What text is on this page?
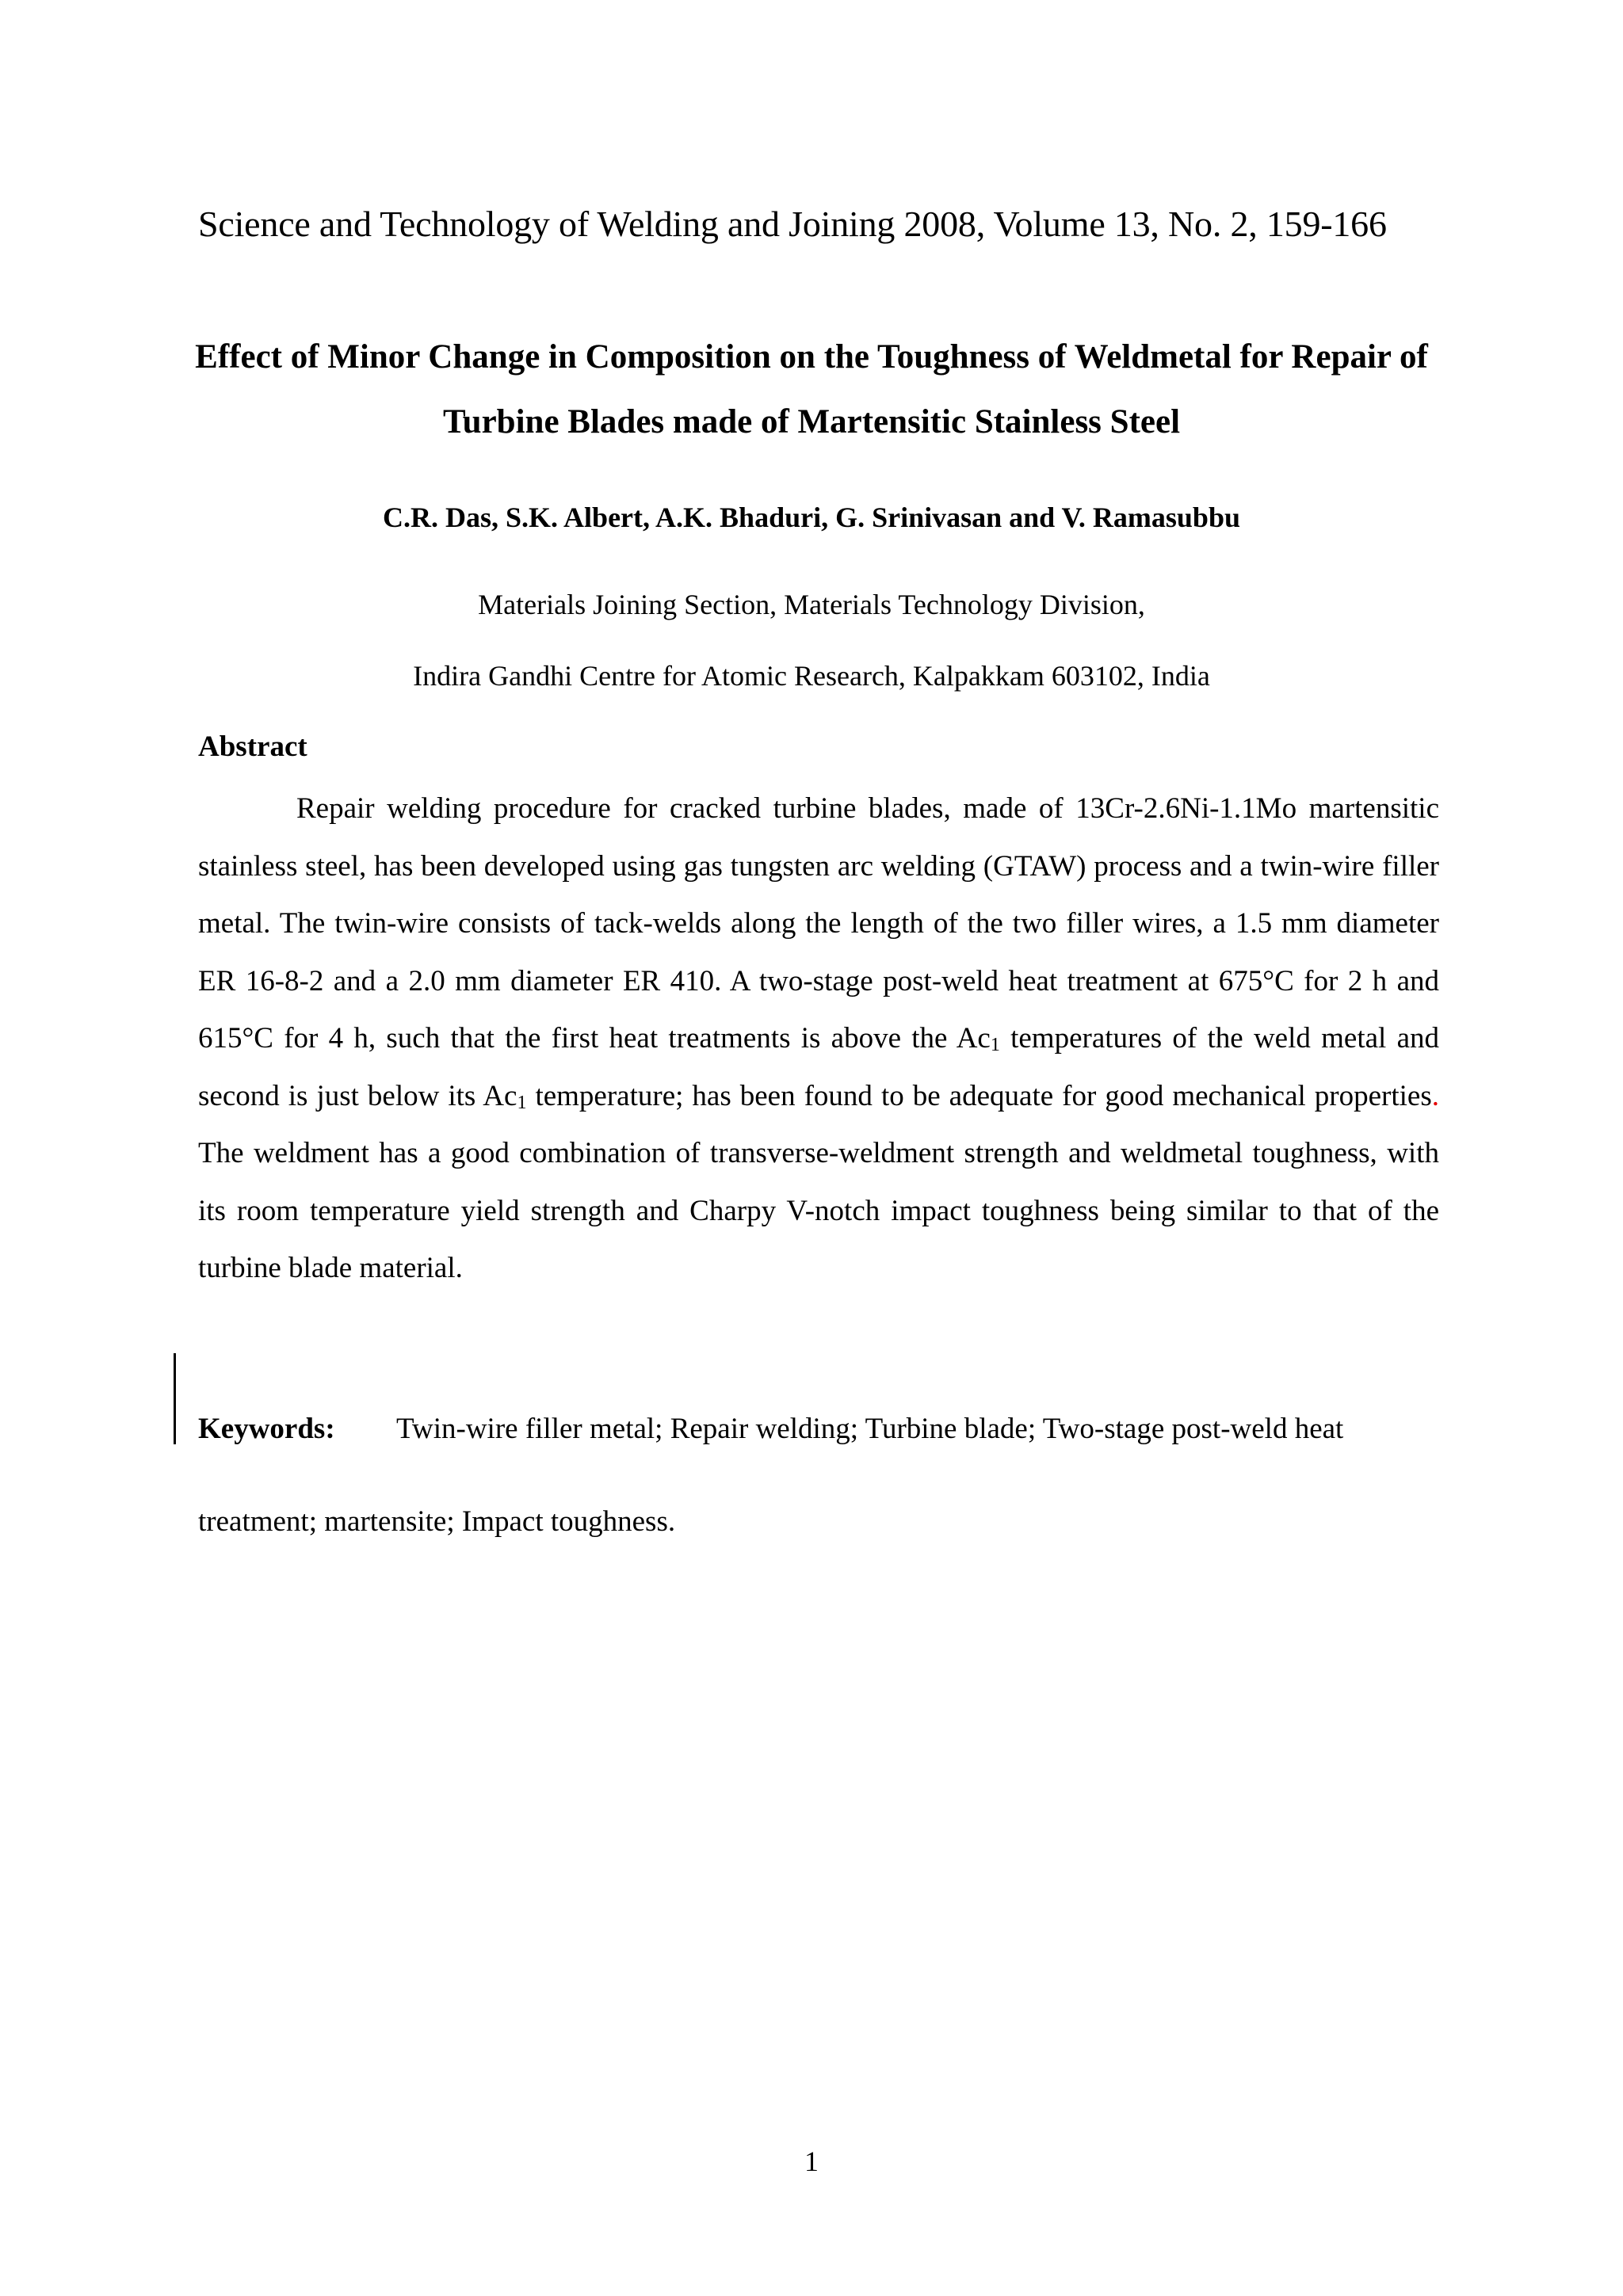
Science and Technology of Welding and Joining 2008, Volume 13, No. 2, 159-166

Effect of Minor Change in Composition on the Toughness of Weldmetal for Repair of Turbine Blades made of Martensitic Stainless Steel

C.R. Das, S.K. Albert, A.K. Bhaduri, G. Srinivasan and V. Ramasubbu

Materials Joining Section, Materials Technology Division,

Indira Gandhi Centre for Atomic Research, Kalpakkam 603102, India

Abstract

Repair welding procedure for cracked turbine blades, made of 13Cr-2.6Ni-1.1Mo martensitic stainless steel, has been developed using gas tungsten arc welding (GTAW) process and a twin-wire filler metal. The twin-wire consists of tack-welds along the length of the two filler wires, a 1.5 mm diameter ER 16-8-2 and a 2.0 mm diameter ER 410. A two-stage post-weld heat treatment at 675°C for 2 h and 615°C for 4 h, such that the first heat treatments is above the $Ac_1$ temperatures of the weld metal and second is just below its $Ac_1$ temperature; has been found to be adequate for good mechanical properties. The weldment has a good combination of transverse-weldment strength and weldmetal toughness, with its room temperature yield strength and Charpy V-notch impact toughness being similar to that of the turbine blade material.

Keywords: Twin-wire filler metal; Repair welding; Turbine blade; Two-stage post-weld heat treatment; martensite; Impact toughness.

1
